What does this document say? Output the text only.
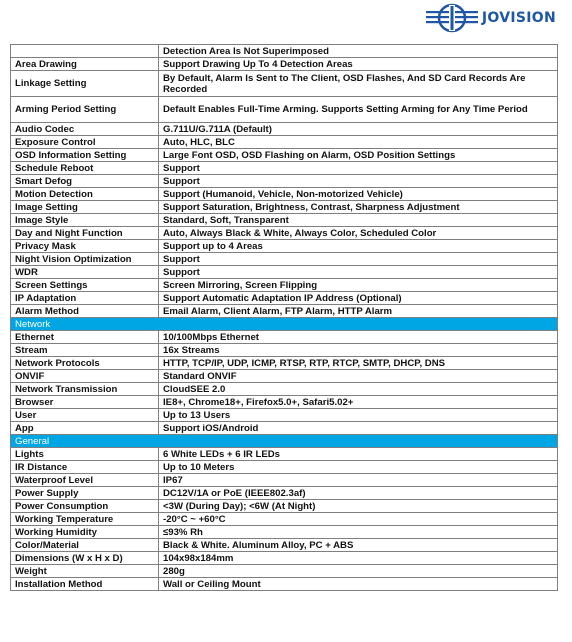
JOVISION
	Detection Area Is Not Superimposed
Area Drawing	Support Drawing Up To 4 Detection Areas
Linkage Setting	By Default, Alarm Is Sent to The Client, OSD Flashes, And SD Card Records Are Recorded
Arming Period Setting	Default Enables Full-Time Arming. Supports Setting Arming for Any Time Period
Audio Codec	G.711U/G.711A (Default)
Exposure Control	Auto, HLC, BLC
OSD Information Setting	Large Font OSD, OSD Flashing on Alarm, OSD Position Settings
Schedule Reboot	Support
Smart Defog	Support
Motion Detection	Support (Humanoid, Vehicle, Non-motorized Vehicle)
Image Setting	Support Saturation, Brightness, Contrast, Sharpness Adjustment
Image Style	Standard, Soft, Transparent
Day and Night Function	Auto, Always Black & White, Always Color, Scheduled Color
Privacy Mask	Support up to 4 Areas
Night Vision Optimization	Support
WDR	Support
Screen Settings	Screen Mirroring, Screen Flipping
IP Adaptation	Support Automatic Adaptation IP Address (Optional)
Alarm Method	Email Alarm, Client Alarm, FTP Alarm, HTTP Alarm
Network	
Ethernet	10/100Mbps Ethernet
Stream	16x Streams
Network Protocols	HTTP, TCP/IP, UDP, ICMP, RTSP, RTP, RTCP, SMTP, DHCP, DNS
ONVIF	Standard ONVIF
Network Transmission	CloudSEE 2.0
Browser	IE8+, Chrome18+, Firefox5.0+, Safari5.02+
User	Up to 13 Users
App	Support iOS/Android
General	
Lights	6 White LEDs + 6 IR LEDs
IR Distance	Up to 10 Meters
Waterproof Level	IP67
Power Supply	DC12V/1A or PoE (IEEE802.3af)
Power Consumption	<3W (During Day); <6W (At Night)
Working Temperature	-20°C ~ +60°C
Working Humidity	≤93% Rh
Color/Material	Black & White. Aluminum Alloy, PC + ABS
Dimensions (W x H x D)	104x98x184mm
Weight	280g
Installation Method	Wall or Ceiling Mount
